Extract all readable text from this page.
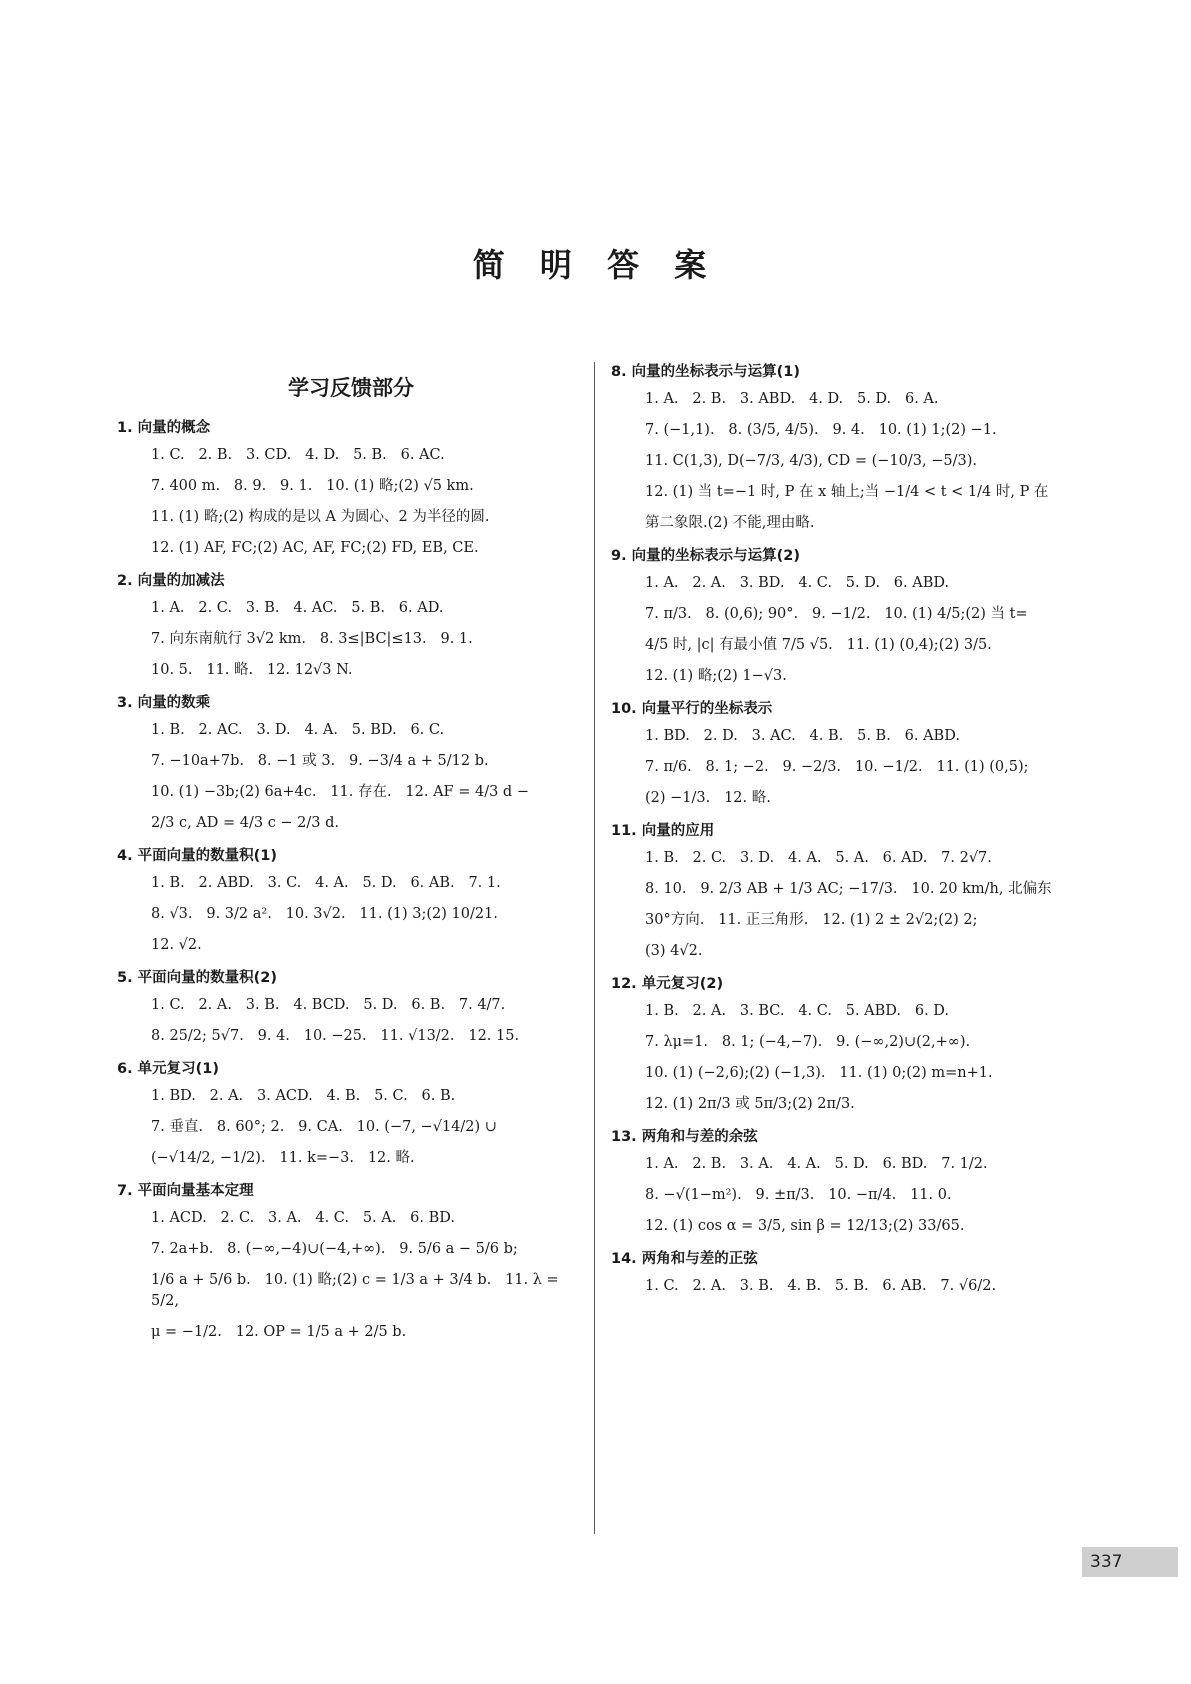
简 明 答 案
学习反馈部分
1. 向量的概念
1. C.   2. B.   3. CD.   4. D.   5. B.   6. AC.
7. 400 m.   8. 9.   9. 1.   10. (1) 略;(2) √5 km.
11. (1) 略;(2) 构成的是以 A 为圆心、2 为半径的圆.
12. (1) AF, FC;(2) AC, AF, FC;(2) FD, EB, CE.
2. 向量的加减法
1. A.   2. C.   3. B.   4. AC.   5. B.   6. AD.
7. 向东南航行 3√2 km.   8. 3≤|BC|≤13.   9. 1.
10. 5.   11. 略.   12. 12√3 N.
3. 向量的数乘
1. B.   2. AC.   3. D.   4. A.   5. BD.   6. C.
7. −10a+7b.   8. −1 或 3.   9. −3/4 a + 5/12 b.
10. (1) −3b;(2) 6a+4c.   11. 存在.   12. AF = 4/3 d −
2/3 c, AD = 4/3 c − 2/3 d.
4. 平面向量的数量积(1)
1. B.   2. ABD.   3. C.   4. A.   5. D.   6. AB.   7. 1.
8. √3.   9. 3/2 a².   10. 3√2.   11. (1) 3;(2) 10/21.
12. √2.
5. 平面向量的数量积(2)
1. C.   2. A.   3. B.   4. BCD.   5. D.   6. B.   7. 4/7.
8. 25/2; 5√7.   9. 4.   10. −25.   11. √13/2.   12. 15.
6. 单元复习(1)
1. BD.   2. A.   3. ACD.   4. B.   5. C.   6. B.
7. 垂直.   8. 60°; 2.   9. CA.   10. (−7, −√14/2) ∪
(−√14/2, −1/2).   11. k=−3.   12. 略.
7. 平面向量基本定理
1. ACD.   2. C.   3. A.   4. C.   5. A.   6. BD.
7. 2a+b.   8. (−∞,−4)∪(−4,+∞).   9. 5/6 a − 5/6 b;
1/6 a + 5/6 b.   10. (1) 略;(2) c = 1/3 a + 3/4 b.   11. λ = 5/2,
μ = −1/2.   12. OP = 1/5 a + 2/5 b.
8. 向量的坐标表示与运算(1)
1. A.   2. B.   3. ABD.   4. D.   5. D.   6. A.
7. (−1,1).   8. (3/5, 4/5).   9. 4.   10. (1) 1;(2) −1.
11. C(1,3), D(−7/3, 4/3), CD = (−10/3, −5/3).
12. (1) 当 t=−1 时, P 在 x 轴上;当 −1/4 < t < 1/4 时, P 在
第二象限.(2) 不能,理由略.
9. 向量的坐标表示与运算(2)
1. A.   2. A.   3. BD.   4. C.   5. D.   6. ABD.
7. π/3.   8. (0,6); 90°.   9. −1/2.   10. (1) 4/5;(2) 当 t=
4/5 时, |c| 有最小值 7/5 √5.   11. (1) (0,4);(2) 3/5.
12. (1) 略;(2) 1−√3.
10. 向量平行的坐标表示
1. BD.   2. D.   3. AC.   4. B.   5. B.   6. ABD.
7. π/6.   8. 1; −2.   9. −2/3.   10. −1/2.   11. (1) (0,5);
(2) −1/3.   12. 略.
11. 向量的应用
1. B.   2. C.   3. D.   4. A.   5. A.   6. AD.   7. 2√7.
8. 10.   9. 2/3 AB + 1/3 AC; −17/3.   10. 20 km/h, 北偏东
30°方向.   11. 正三角形.   12. (1) 2 ± 2√2;(2) 2;
(3) 4√2.
12. 单元复习(2)
1. B.   2. A.   3. BC.   4. C.   5. ABD.   6. D.
7. λμ=1.   8. 1; (−4,−7).   9. (−∞,2)∪(2,+∞).
10. (1) (−2,6);(2) (−1,3).   11. (1) 0;(2) m=n+1.
12. (1) 2π/3 或 5π/3;(2) 2π/3.
13. 两角和与差的余弦
1. A.   2. B.   3. A.   4. A.   5. D.   6. BD.   7. 1/2.
8. −√(1−m²).   9. ±π/3.   10. −π/4.   11. 0.
12. (1) cos α = 3/5, sin β = 12/13;(2) 33/65.
14. 两角和与差的正弦
1. C.   2. A.   3. B.   4. B.   5. B.   6. AB.   7. √6/2.
337
